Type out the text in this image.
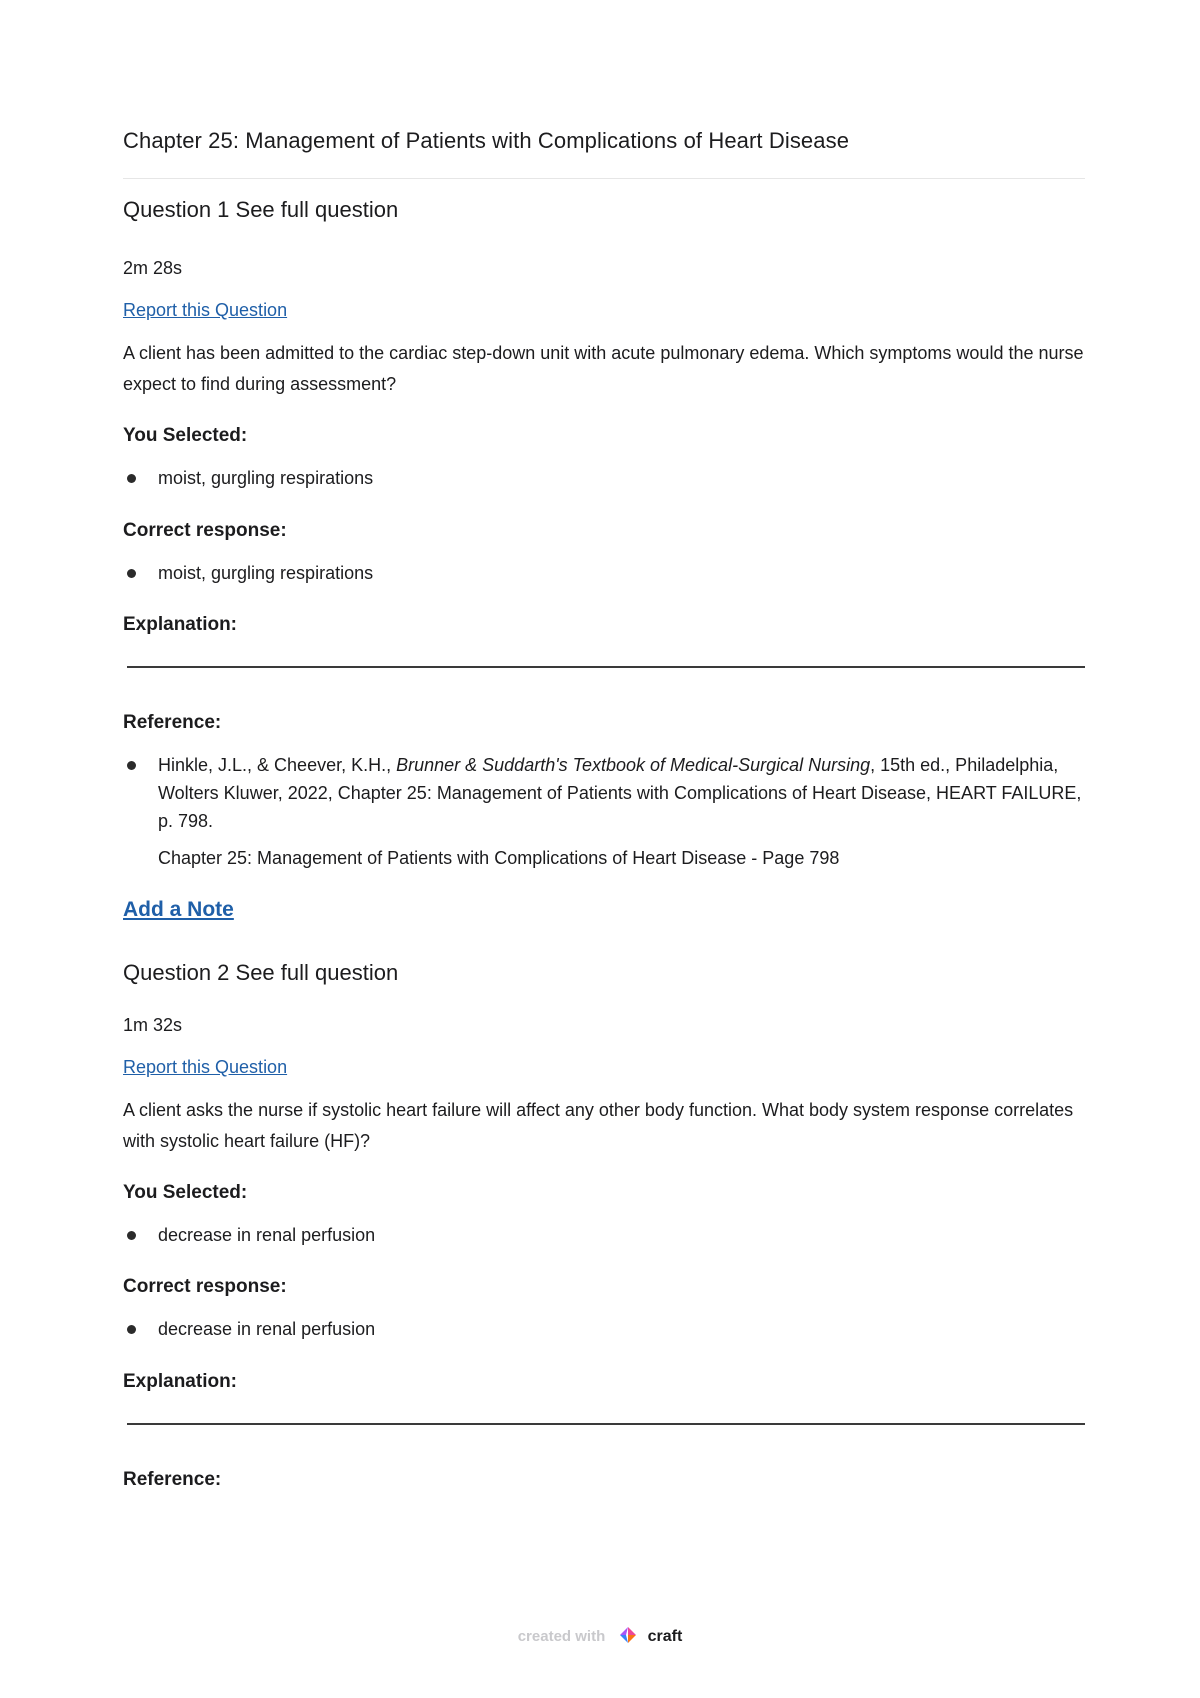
Chapter 25: Management of Patients with Complications of Heart Disease
Question 1 See full question
2m 28s
Report this Question
A client has been admitted to the cardiac step-down unit with acute pulmonary edema. Which symptoms would the nurse expect to find during assessment?
You Selected:
moist, gurgling respirations
Correct response:
moist, gurgling respirations
Explanation:
Reference:
Hinkle, J.L., & Cheever, K.H., Brunner & Suddarth's Textbook of Medical-Surgical Nursing, 15th ed., Philadelphia, Wolters Kluwer, 2022, Chapter 25: Management of Patients with Complications of Heart Disease, HEART FAILURE, p. 798.
Chapter 25: Management of Patients with Complications of Heart Disease - Page 798
Add a Note
Question 2 See full question
1m 32s
Report this Question
A client asks the nurse if systolic heart failure will affect any other body function. What body system response correlates with systolic heart failure (HF)?
You Selected:
decrease in renal perfusion
Correct response:
decrease in renal perfusion
Explanation:
Reference:
created with	craft
